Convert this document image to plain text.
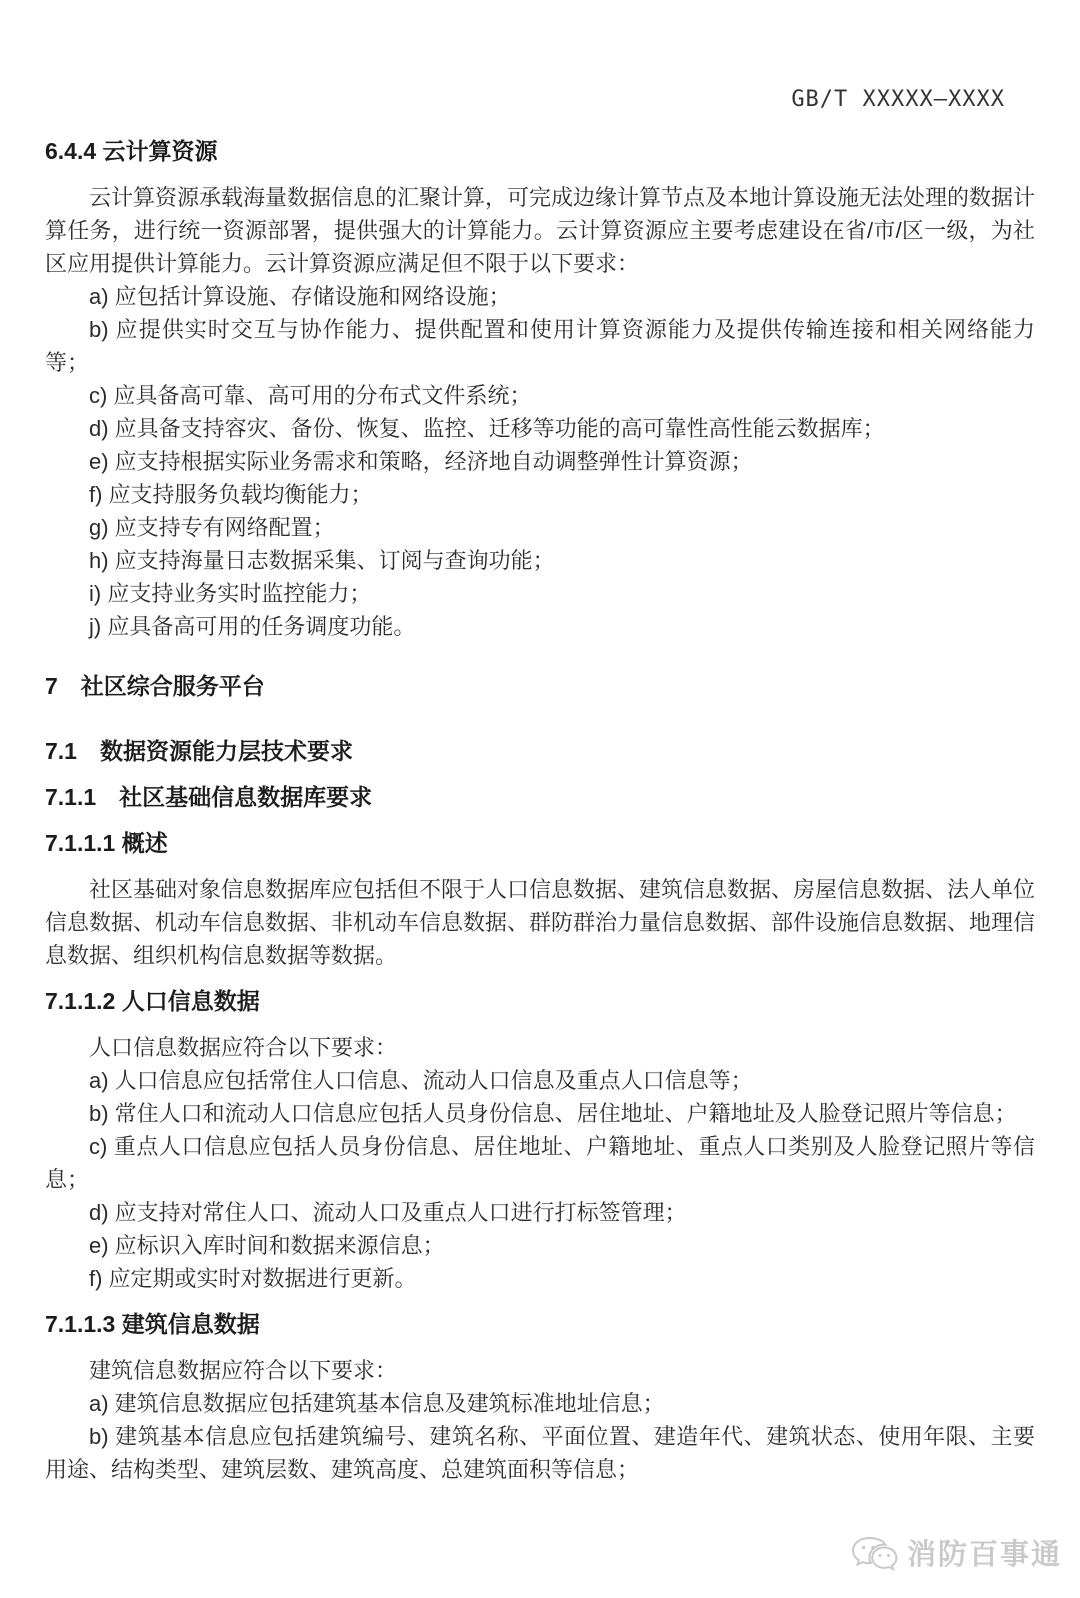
GB/T XXXXX—XXXX

6.4.4 云计算资源

云计算资源承载海量数据信息的汇聚计算，可完成边缘计算节点及本地计算设施无法处理的数据计算任务，进行统一资源部署，提供强大的计算能力。云计算资源应主要考虑建设在省/市/区一级，为社区应用提供计算能力。云计算资源应满足但不限于以下要求：

a) 应包括计算设施、存储设施和网络设施；

b) 应提供实时交互与协作能力、提供配置和使用计算资源能力及提供传输连接和相关网络能力等；

c) 应具备高可靠、高可用的分布式文件系统；

d) 应具备支持容灾、备份、恢复、监控、迁移等功能的高可靠性高性能云数据库；

e) 应支持根据实际业务需求和策略，经济地自动调整弹性计算资源；

f) 应支持服务负载均衡能力；

g) 应支持专有网络配置；

h) 应支持海量日志数据采集、订阅与查询功能；

i) 应支持业务实时监控能力；

j) 应具备高可用的任务调度功能。

7　社区综合服务平台

7.1　数据资源能力层技术要求

7.1.1　社区基础信息数据库要求

7.1.1.1 概述

社区基础对象信息数据库应包括但不限于人口信息数据、建筑信息数据、房屋信息数据、法人单位信息数据、机动车信息数据、非机动车信息数据、群防群治力量信息数据、部件设施信息数据、地理信息数据、组织机构信息数据等数据。

7.1.1.2 人口信息数据

人口信息数据应符合以下要求：

a) 人口信息应包括常住人口信息、流动人口信息及重点人口信息等；

b) 常住人口和流动人口信息应包括人员身份信息、居住地址、户籍地址及人脸登记照片等信息；

c) 重点人口信息应包括人员身份信息、居住地址、户籍地址、重点人口类别及人脸登记照片等信息；

d) 应支持对常住人口、流动人口及重点人口进行打标签管理；

e) 应标识入库时间和数据来源信息；

f) 应定期或实时对数据进行更新。

7.1.1.3 建筑信息数据

建筑信息数据应符合以下要求：

a) 建筑信息数据应包括建筑基本信息及建筑标准地址信息；

b) 建筑基本信息应包括建筑编号、建筑名称、平面位置、建造年代、建筑状态、使用年限、主要用途、结构类型、建筑层数、建筑高度、总建筑面积等信息；

消防百事通
